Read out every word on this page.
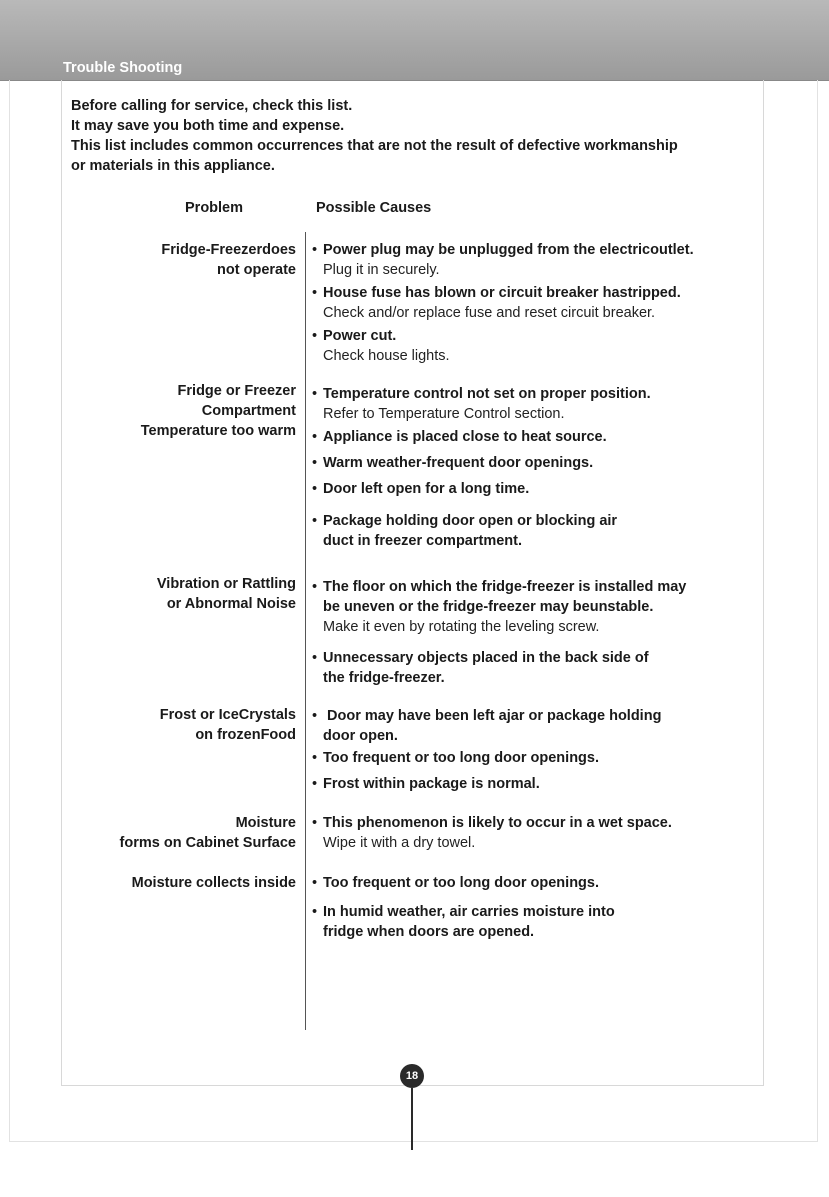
Trouble Shooting
Before calling for service, check this list.
It may save you both time and expense.
This list includes common occurrences that are not the result of defective workmanship
or materials in this appliance.
Problem	Possible Causes
Fridge-Freezerdoes
not operate
• Power plug may be unplugged from the electricoutlet.
Plug it in securely.
• House fuse has blown or circuit breaker hastripped.
Check and/or replace fuse and reset circuit breaker.
• Power cut.
Check house lights.
Fridge or Freezer
Compartment
Temperature too warm
• Temperature control not set on proper position.
Refer to Temperature Control section.
• Appliance is placed close to heat source.
• Warm weather-frequent door openings.
• Door left open for a long time.
• Package holding door open or blocking air
duct in freezer compartment.
Vibration or Rattling
or Abnormal Noise
• The floor on which the fridge-freezer is installed may
be uneven or the fridge-freezer may beunstable.
Make it even by rotating the leveling screw.
• Unnecessary objects placed in the back side of
the fridge-freezer.
Frost or IceCrystals
on frozenFood
• Door may have been left ajar or package holding
door open.
• Too frequent or too long door openings.
• Frost within package is normal.
Moisture
forms on Cabinet Surface
• This phenomenon is likely to occur in a wet space.
Wipe it with a dry towel.
Moisture collects inside • Too frequent or too long door openings.
• In humid weather, air carries moisture into
fridge when doors are opened.
18
